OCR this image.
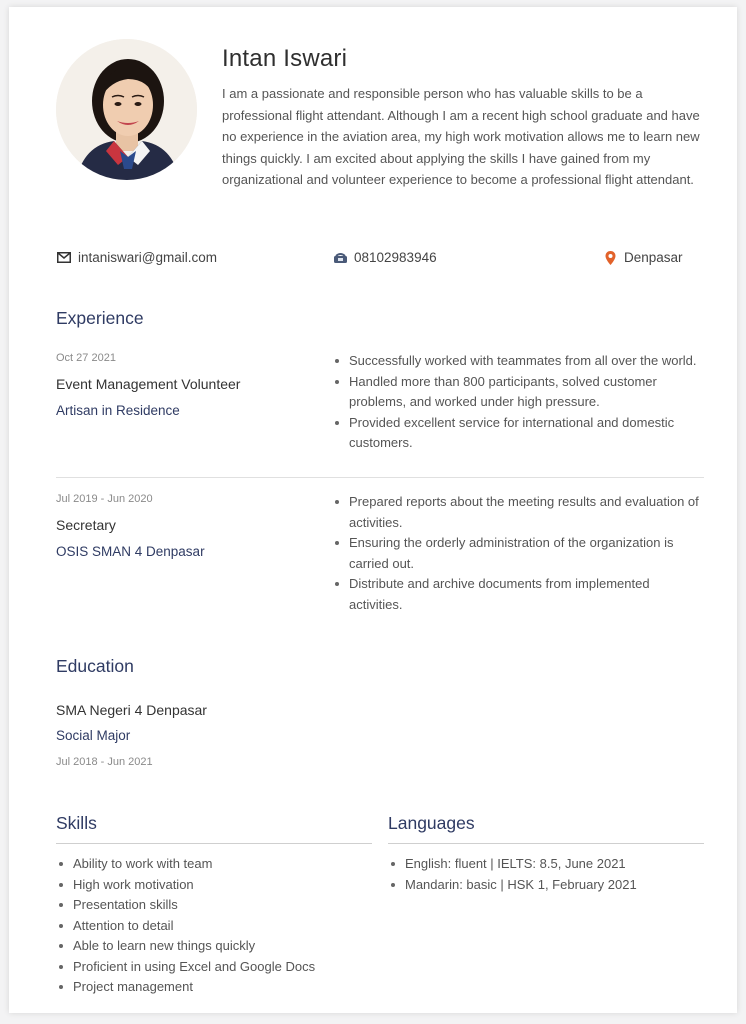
Intan Iswari
I am a passionate and responsible person who has valuable skills to be a professional flight attendant. Although I am a recent high school graduate and have no experience in the aviation area, my high work motivation allows me to learn new things quickly. I am excited about applying the skills I have gained from my organizational and volunteer experience to become a professional flight attendant.
intaniswari@gmail.com	08102983946	Denpasar
Experience
Oct 27 2021
Event Management Volunteer
Artisan in Residence
Successfully worked with teammates from all over the world.
Handled more than 800 participants, solved customer problems, and worked under high pressure.
Provided excellent service for international and domestic customers.
Jul 2019 - Jun 2020
Secretary
OSIS SMAN 4 Denpasar
Prepared reports about the meeting results and evaluation of activities.
Ensuring the orderly administration of the organization is carried out.
Distribute and archive documents from implemented activities.
Education
SMA Negeri 4 Denpasar
Social Major
Jul 2018 - Jun 2021
Skills
Ability to work with team
High work motivation
Presentation skills
Attention to detail
Able to learn new things quickly
Proficient in using Excel and Google Docs
Project management
Languages
English: fluent | IELTS: 8.5, June 2021
Mandarin: basic | HSK 1, February 2021
